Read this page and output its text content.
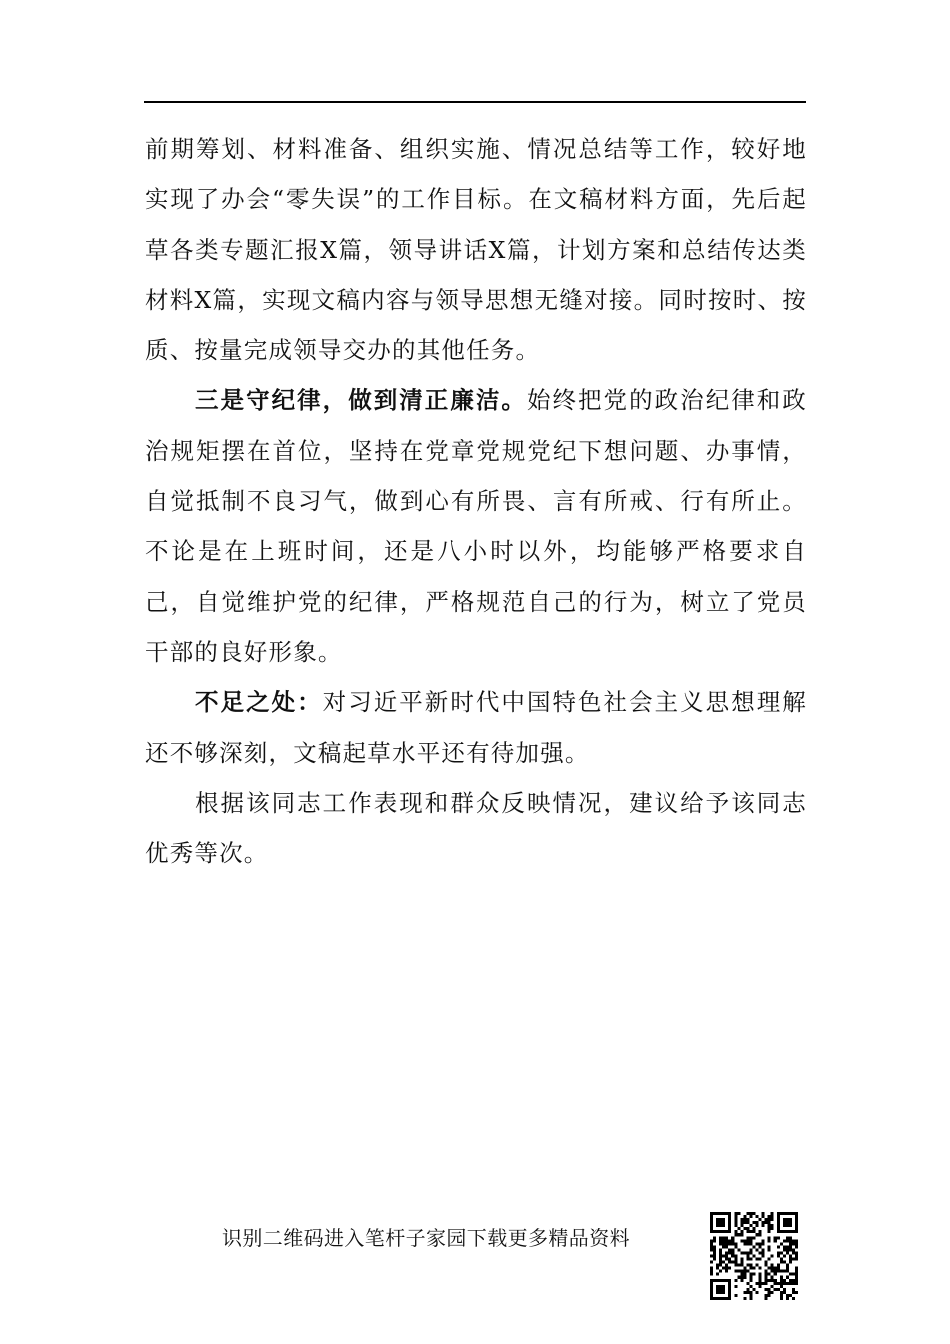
前期筹划、材料准备、组织实施、情况总结等工作，较好地实现了办会“零失误”的工作目标。在文稿材料方面，先后起草各类专题汇报X篇，领导讲话X篇，计划方案和总结传达类材料X篇，实现文稿内容与领导思想无缝对接。同时按时、按质、按量完成领导交办的其他任务。

三是守纪律，做到清正廉洁。始终把党的政治纪律和政治规矩摆在首位，坚持在党章党规党纪下想问题、办事情，自觉抵制不良习气，做到心有所畏、言有所戒、行有所止。不论是在上班时间，还是八小时以外，均能够严格要求自己，自觉维护党的纪律，严格规范自己的行为，树立了党员干部的良好形象。

不足之处：对习近平新时代中国特色社会主义思想理解还不够深刻，文稿起草水平还有待加强。

根据该同志工作表现和群众反映情况，建议给予该同志优秀等次。

识别二维码进入笔杆子家园下载更多精品资料
